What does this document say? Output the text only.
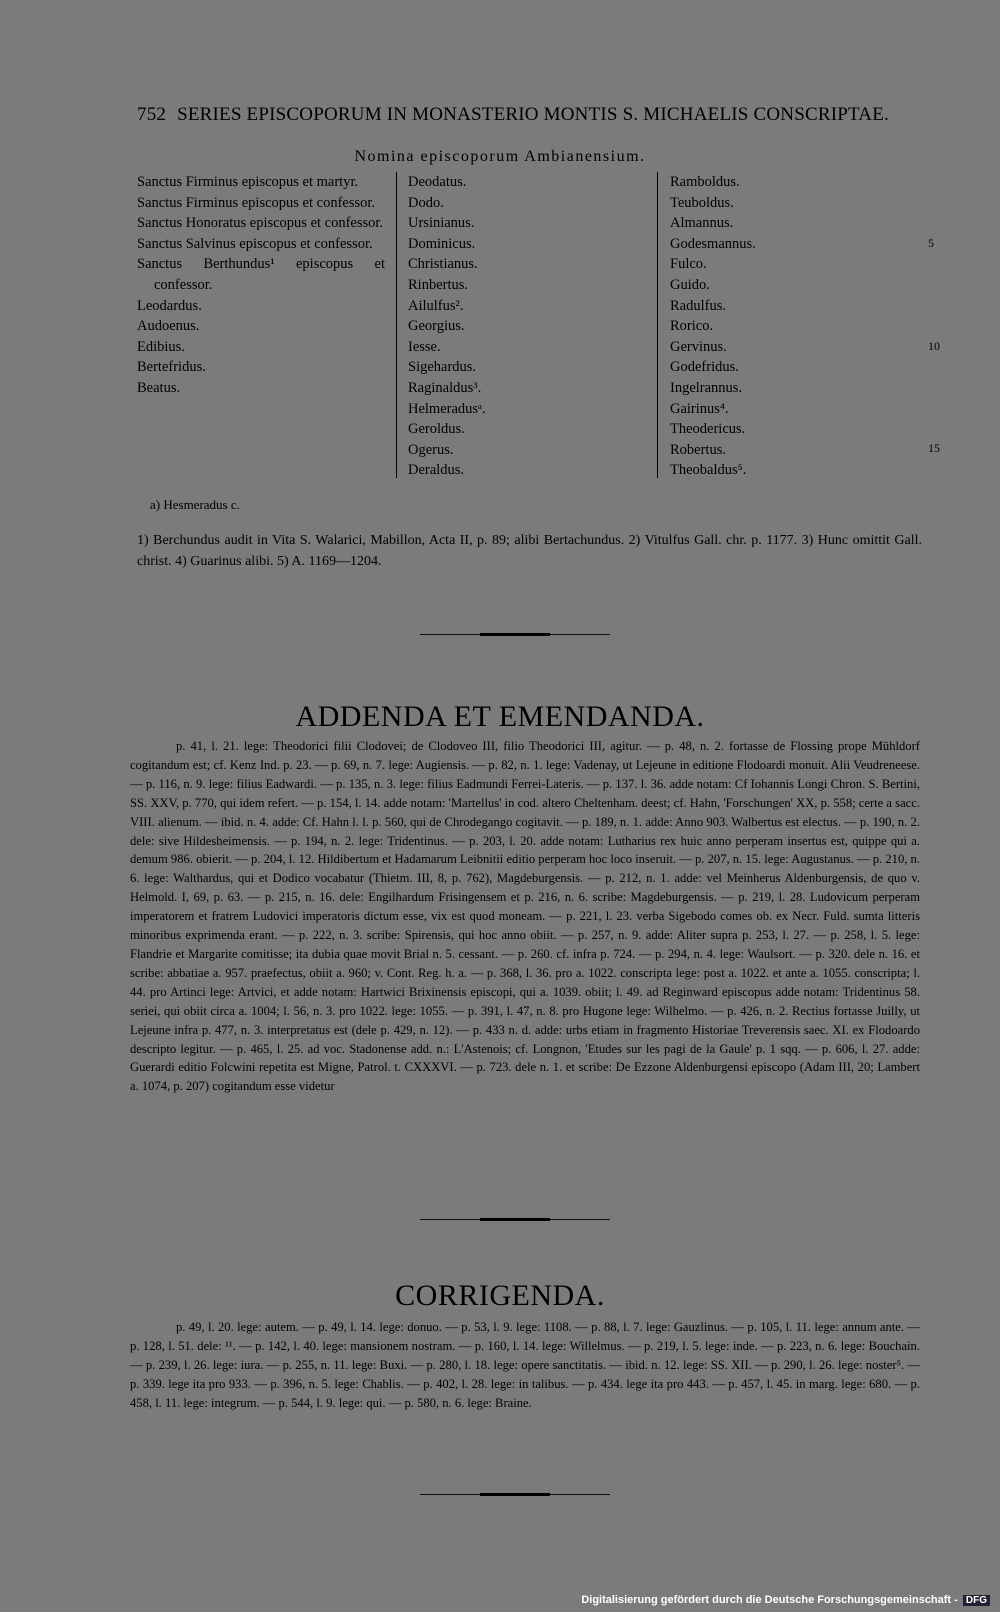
752 SERIES EPISCOPORUM IN MONASTERIO MONTIS S. MICHAELIS CONSCRIPTAE.
Nomina episcoporum Ambianensium.
Sanctus Firminus episcopus et martyr.
Sanctus Firminus episcopus et confessor.
Sanctus Honoratus episcopus et confessor.
Sanctus Salvinus episcopus et confessor.
Sanctus Berthundus¹ episcopus et confessor.
Leodardus.
Audoenus.
Edibius.
Bertefridus.
Beatus.
Deodatus.
Dodo.
Ursinianus.
Dominicus.
Christianus.
Rinbertus.
Ailulfus².
Georgius.
Iesse.
Sigehardus.
Raginaldus³.
Helmeradusᵃ.
Geroldus.
Ogerus.
Deraldus.
Ramboldus.
Teuboldus.
Almannus.
Godesmannus.
Fulco.
Guido.
Radulfus.
Rorico.
Gervinus.
Godefridus.
Ingelrannus.
Gairinus⁴.
Theodericus.
Robertus.
Theobaldus⁵.
5
10
15
a) Hesmeradus c.
1) Berchundus audit in Vita S. Walarici, Mabillon, Acta II, p. 89; alibi Bertachundus. 2) Vitulfus Gall. chr. p. 1177. 3) Hunc omittit Gall. christ. 4) Guarinus alibi. 5) A. 1169—1204.
ADDENDA ET EMENDANDA.
p. 41, l. 21. lege: Theodorici filii Clodovei; de Clodoveo III, filio Theodorici III, agitur. — p. 48, n. 2. fortasse de Flossing prope Mühldorf cogitandum est; cf. Kenz Ind. p. 23. — p. 69, n. 7. lege: Augiensis. — p. 82, n. 1. lege: Vadenay, ut Lejeune in editione Flodoardi monuit. Alii Veudreneese. — p. 116, n. 9. lege: filius Eadwardi. — p. 135, n. 3. lege: filius Eadmundi Ferrei-Lateris. — p. 137. l. 36. adde notam: Cf Iohannis Longi Chron. S. Bertini, SS. XXV, p. 770, qui idem refert. — p. 154, l. 14. adde notam: 'Martellus' in cod. altero Cheltenham. deest; cf. Hahn, 'Forschungen' XX, p. 558; certe a sacc. VIII. alienum. — ibid. n. 4. adde: Cf. Hahn l. l. p. 560, qui de Chrodegango cogitavit. — p. 189, n. 1. adde: Anno 903. Walbertus est electus. — p. 190, n. 2. dele: sive Hildesheimensis. — p. 194, n. 2. lege: Tridentinus. — p. 203, l. 20. adde notam: Lutharius rex huic anno perperam insertus est, quippe qui a. demum 986. obierit. — p. 204, l. 12. Hildibertum et Hadamarum Leibnitii editio perperam hoc loco inseruit. — p. 207, n. 15. lege: Augustanus. — p. 210, n. 6. lege: Walthardus, qui et Dodico vocabatur (Thietm. III, 8, p. 762), Magdeburgensis. — p. 212, n. 1. adde: vel Meinherus Aldenburgensis, de quo v. Helmold. I, 69, p. 63. — p. 215, n. 16. dele: Engilhardum Frisingensem et p. 216, n. 6. scribe: Magdeburgensis. — p. 219, l. 28. Ludovicum perperam imperatorem et fratrem Ludovici imperatoris dictum esse, vix est quod moneam. — p. 221, l. 23. verba Sigebodo comes ob. ex Necr. Fuld. sumta litteris minoribus exprimenda erant. — p. 222, n. 3. scribe: Spirensis, qui hoc anno obiit. — p. 257, n. 9. adde: Aliter supra p. 253, l. 27. — p. 258, l. 5. lege: Flandrie et Margarite comitisse; ita dubia quae movit Brial n. 5. cessant. — p. 260. cf. infra p. 724. — p. 294, n. 4. lege: Waulsort. — p. 320. dele n. 16. et scribe: abbatiae a. 957. praefectus, obiit a. 960; v. Cont. Reg. h. a. — p. 368, l. 36. pro a. 1022. conscripta lege: post a. 1022. et ante a. 1055. conscripta; l. 44. pro Artinci lege: Artvici, et adde notam: Hartwici Brixinensis episcopi, qui a. 1039. obiit; l. 49. ad Reginward episcopus adde notam: Tridentinus 58. seriei, qui obiit circa a. 1004; l. 56, n. 3. pro 1022. lege: 1055. — p. 391, l. 47, n. 8. pro Hugone lege: Wilhelmo. — p. 426, n. 2. Rectius fortasse Juilly, ut Lejeune infra p. 477, n. 3. interpretatus est (dele p. 429, n. 12). — p. 433 n. d. adde: urbs etiam in fragmento Historiae Treverensis saec. XI. ex Flodoardo descripto legitur. — p. 465, l. 25. ad voc. Stadonense add. n.: L'Astenois; cf. Longnon, 'Etudes sur les pagi de la Gaule' p. 1 sqq. — p. 606, l. 27. adde: Guerardi editio Folcwini repetita est Migne, Patrol. t. CXXXVI. — p. 723. dele n. 1. et scribe: De Ezzone Aldenburgensi episcopo (Adam III, 20; Lambert a. 1074, p. 207) cogitandum esse videtur
CORRIGENDA.
p. 49, l. 20. lege: autem. — p. 49, l. 14. lege: donuo. — p. 53, l. 9. lege: 1108. — p. 88, l. 7. lege: Gauzlinus. — p. 105, l. 11. lege: annum ante. — p. 128, l. 51. dele: ¹¹. — p. 142, l. 40. lege: mansionem nostram. — p. 160, l. 14. lege: Willelmus. — p. 219, l. 5. lege: inde. — p. 223, n. 6. lege: Bouchain. — p. 239, l. 26. lege: iura. — p. 255, n. 11. lege: Buxi. — p. 280, l. 18. lege: opere sanctitatis. — ibid. n. 12. lege: SS. XII. — p. 290, l. 26. lege: noster⁵. — p. 339. lege ita pro 933. — p. 396, n. 5. lege: Chablis. — p. 402, l. 28. lege: in talibus. — p. 434. lege ita pro 443. — p. 457, l. 45. in marg. lege: 680. — p. 458, l. 11. lege: integrum. — p. 544, l. 9. lege: qui. — p. 580, n. 6. lege: Braine.
Digitalisierung gefördert durch die Deutsche Forschungsgemeinschaft - DFG
